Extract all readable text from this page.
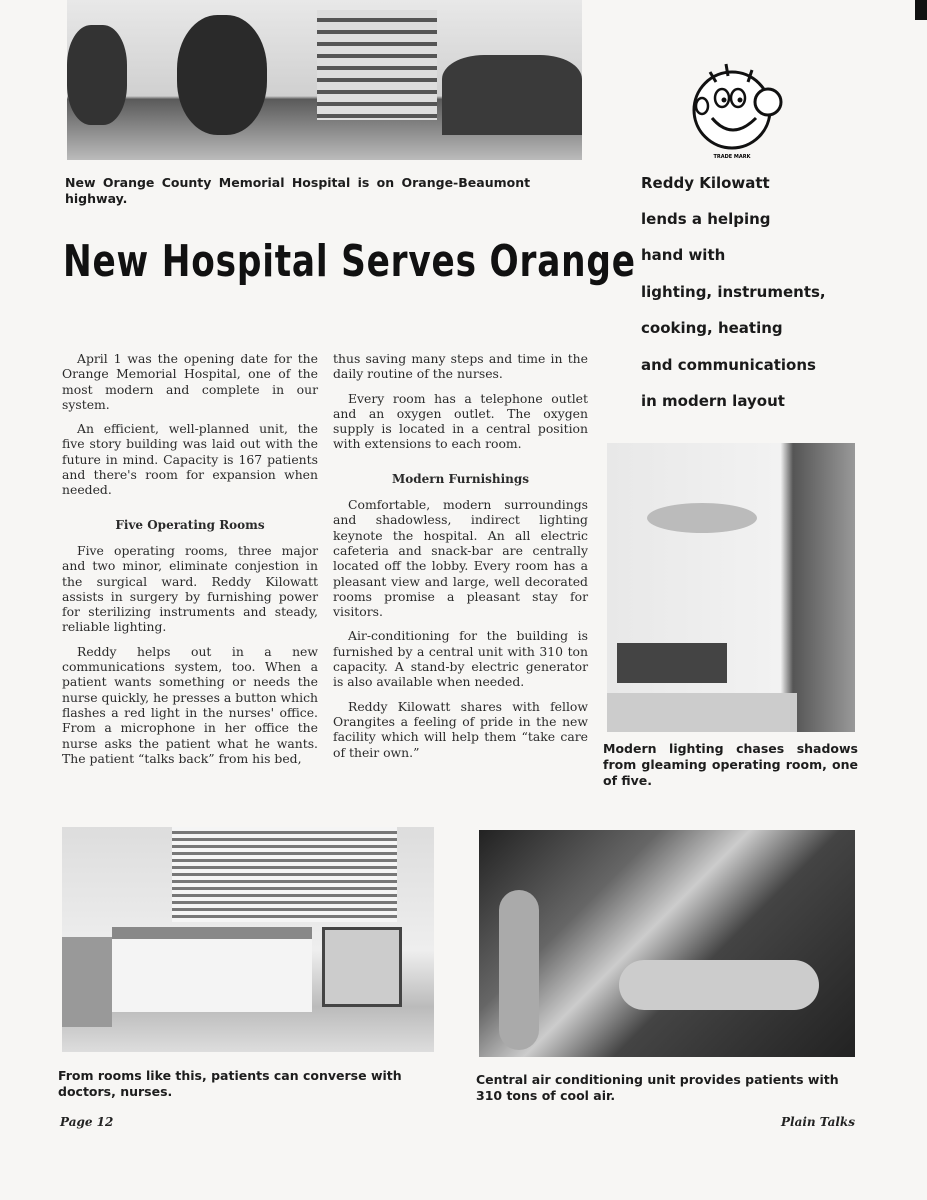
New Orange County Memorial Hospital is on Orange-Beaumont highway.
New Hospital Serves Orange
TRADE MARK
Reddy Kilowatt
lends a helping
hand with
lighting, instruments,
cooking, heating
and communications
in modern layout

April 1 was the opening date for the Orange Memorial Hospital, one of the most modern and complete in our system.

An efficient, well-planned unit, the five story building was laid out with the future in mind. Capacity is 167 patients and there's room for expansion when needed.

Five Operating Rooms

Five operating rooms, three major and two minor, eliminate conjestion in the surgical ward. Reddy Kilowatt assists in surgery by furnishing power for sterilizing instruments and steady, reliable lighting.

Reddy helps out in a new communications system, too. When a patient wants something or needs the nurse quickly, he presses a button which flashes a red light in the nurses' office. From a microphone in her office the nurse asks the patient what he wants. The patient “talks back” from his bed,

thus saving many steps and time in the daily routine of the nurses.

Every room has a telephone outlet and an oxygen outlet. The oxygen supply is located in a central position with extensions to each room.

Modern Furnishings

Comfortable, modern surroundings and shadowless, indirect lighting keynote the hospital. An all electric cafeteria and snack-bar are centrally located off the lobby. Every room has a pleasant view and large, well decorated rooms promise a pleasant stay for visitors.

Air-conditioning for the building is furnished by a central unit with 310 ton capacity. A stand-by electric generator is also available when needed.

Reddy Kilowatt shares with fellow Orangites a feeling of pride in the new facility which will help them “take care of their own.”	Modern lighting chases shadows from gleaming operating room, one of five.
From rooms like this, patients can converse with doctors, nurses.
Central air conditioning unit provides patients with 310 tons of cool air.
Page 12	Plain Talks
